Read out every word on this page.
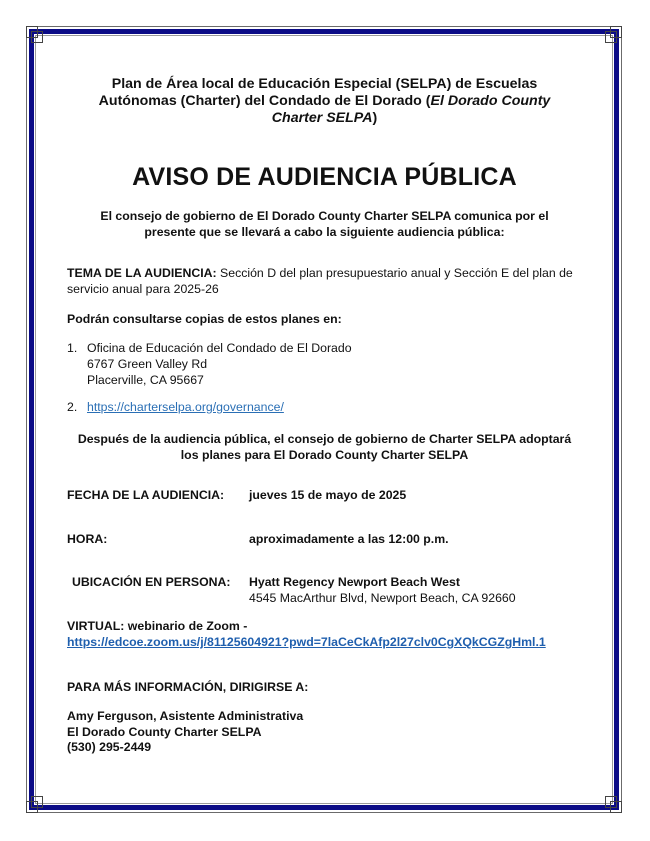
Plan de Área local de Educación Especial (SELPA) de Escuelas
Autónomas (Charter) del Condado de El Dorado (El Dorado County
Charter SELPA)

AVISO DE AUDIENCIA PÚBLICA
El consejo de gobierno de El Dorado County Charter SELPA comunica por el
presente que se llevará a cabo la siguiente audiencia pública:
TEMA DE LA AUDIENCIA: Sección D del plan presupuestario anual y Sección E del plan de servicio anual para 2025-26
Podrán consultarse copias de estos planes en:
1. Oficina de Educación del Condado de El Dorado
6767 Green Valley Rd
Placerville, CA 95667
2. https://charterselpa.org/governance/
Después de la audiencia pública, el consejo de gobierno de Charter SELPA adoptará
los planes para El Dorado County Charter SELPA
FECHA DE LA AUDIENCIA: jueves 15 de mayo de 2025
HORA:	aproximadamente a las 12:00 p.m.
UBICACIÓN EN PERSONA: Hyatt Regency Newport Beach West
4545 MacArthur Blvd, Newport Beach, CA 92660
VIRTUAL: webinario de Zoom -
https://edcoe.zoom.us/j/81125604921?pwd=7laCeCkAfp2l27clv0CgXQkCGZgHml.1
PARA MÁS INFORMACIÓN, DIRIGIRSE A:
Amy Ferguson, Asistente Administrativa
El Dorado County Charter SELPA
(530) 295-2449
